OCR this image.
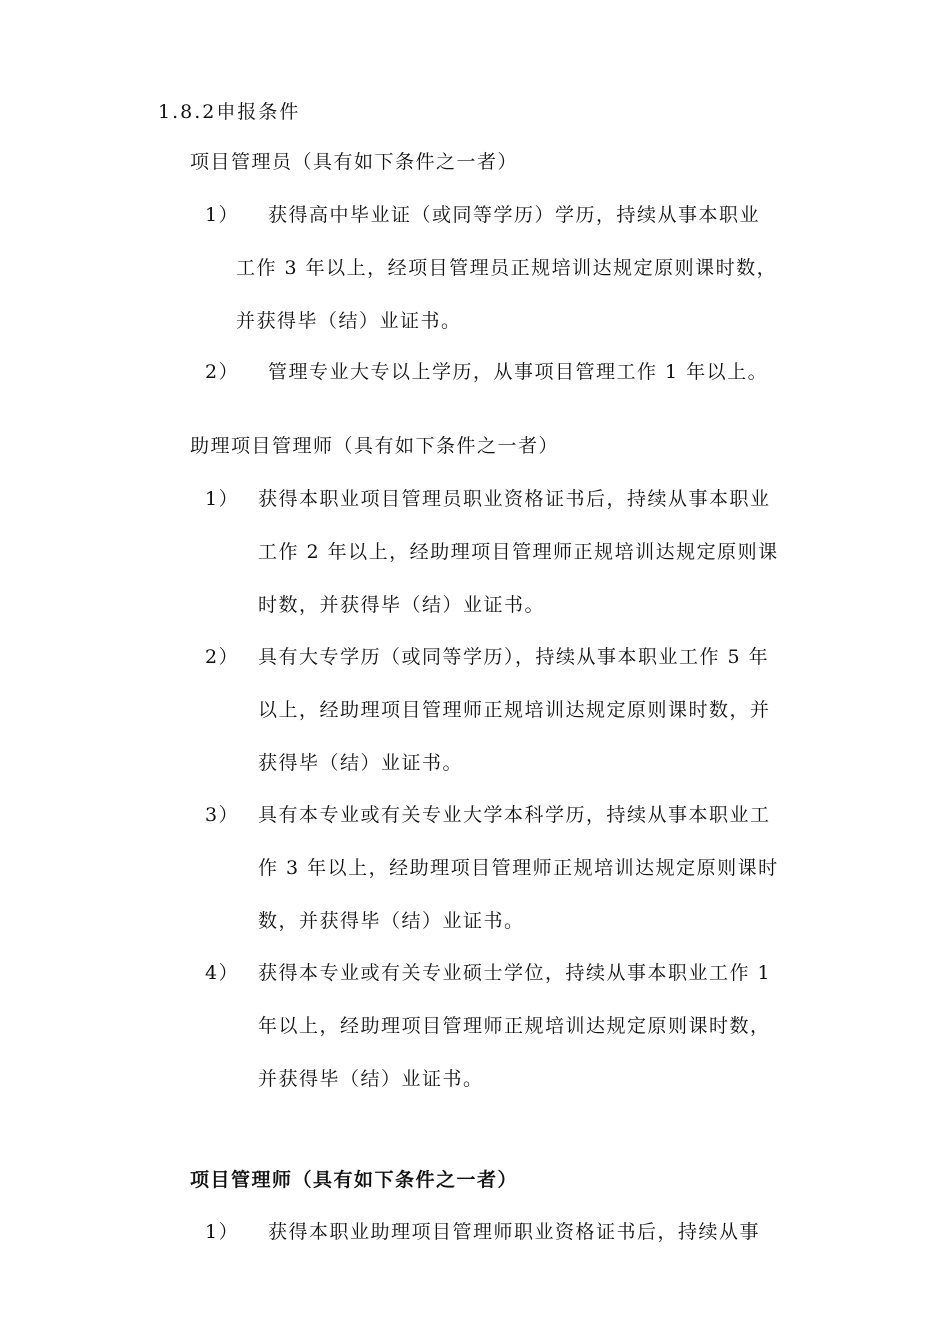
1.8.2申报条件
项目管理员（具有如下条件之一者）
1） 获得高中毕业证（或同等学历）学历，持续从事本职业
工作 3 年以上，经项目管理员正规培训达规定原则课时数，
并获得毕（结）业证书。
2） 管理专业大专以上学历，从事项目管理工作 1 年以上。
助理项目管理师（具有如下条件之一者）
1） 获得本职业项目管理员职业资格证书后，持续从事本职业
工作 2 年以上，经助理项目管理师正规培训达规定原则课
时数，并获得毕（结）业证书。
2） 具有大专学历（或同等学历），持续从事本职业工作 5 年
以上，经助理项目管理师正规培训达规定原则课时数，并
获得毕（结）业证书。
3） 具有本专业或有关专业大学本科学历，持续从事本职业工
作 3 年以上，经助理项目管理师正规培训达规定原则课时
数，并获得毕（结）业证书。
4） 获得本专业或有关专业硕士学位，持续从事本职业工作 1
年以上，经助理项目管理师正规培训达规定原则课时数，
并获得毕（结）业证书。
项目管理师（具有如下条件之一者）
1） 获得本职业助理项目管理师职业资格证书后，持续从事
